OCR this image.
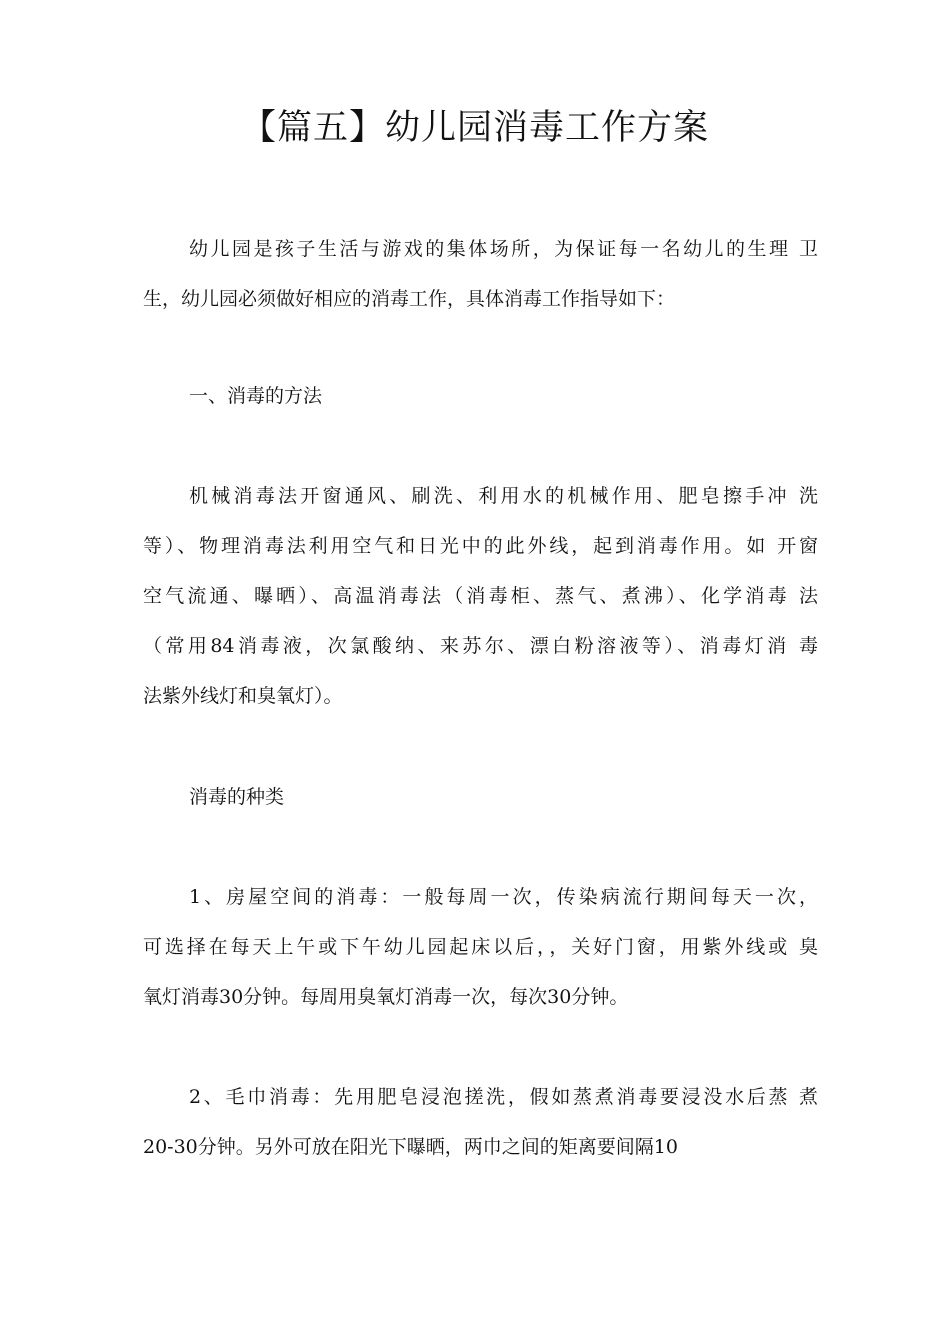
【篇五】幼儿园消毒工作方案

幼儿园是孩子生活与游戏的集体场所，为保证每一名幼儿的生理 卫
生，幼儿园必须做好相应的消毒工作，具体消毒工作指导如下：

一、消毒的方法

机械消毒法开窗通风、刷洗、利用水的机械作用、肥皂擦手冲 洗
等）、物理消毒法利用空气和日光中的此外线，起到消毒作用。如 开窗
空气流通、曝晒）、高温消毒法（消毒柜、蒸气、煮沸）、化学消毒 法
（常用84消毒液，次氯酸纳、来苏尔、漂白粉溶液等）、消毒灯消 毒
法紫外线灯和臭氧灯）。

消毒的种类

1、房屋空间的消毒：一般每周一次，传染病流行期间每天一次，
可选择在每天上午或下午幼儿园起床以后，，关好门窗，用紫外线或 臭
氧灯消毒30分钟。每周用臭氧灯消毒一次，每次30分钟。

2、毛巾消毒：先用肥皂浸泡搓洗，假如蒸煮消毒要浸没水后蒸 煮
20-30分钟。另外可放在阳光下曝晒，两巾之间的矩离要间隔10
